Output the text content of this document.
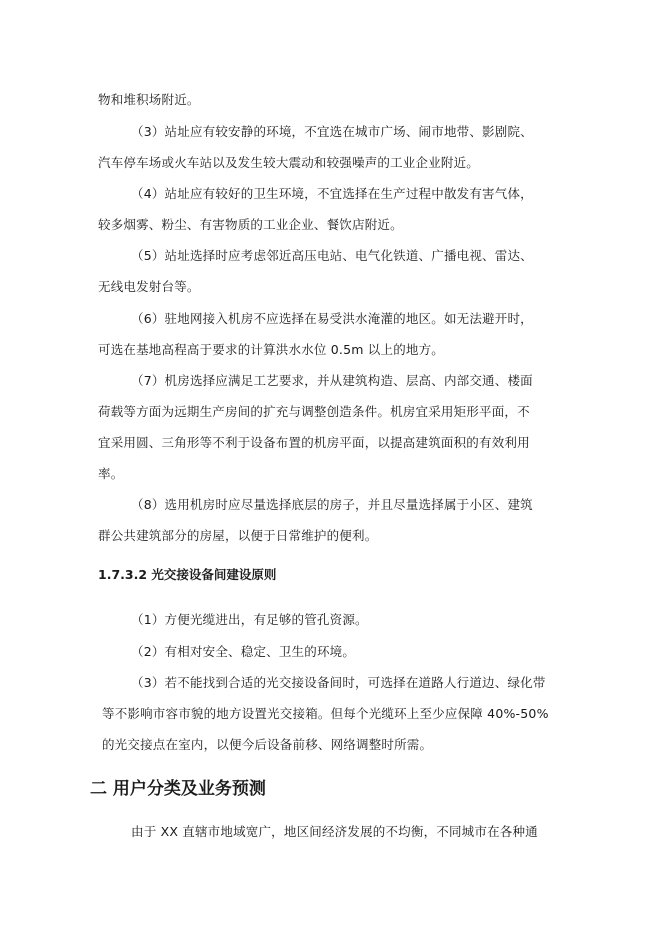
物和堆积场附近。
（3）站址应有较安静的环境，不宜选在城市广场、闹市地带、影剧院、
汽车停车场或火车站以及发生较大震动和较强噪声的工业企业附近。
（4）站址应有较好的卫生环境，不宜选择在生产过程中散发有害气体，
较多烟雾、粉尘、有害物质的工业企业、餐饮店附近。
（5）站址选择时应考虑邻近高压电站、电气化铁道、广播电视、雷达、
无线电发射台等。
（6）驻地网接入机房不应选择在易受洪水淹灌的地区。如无法避开时，
可选在基地高程高于要求的计算洪水水位 0.5m 以上的地方。
（7）机房选择应满足工艺要求，并从建筑构造、层高、内部交通、楼面
荷载等方面为远期生产房间的扩充与调整创造条件。机房宜采用矩形平面，不
宜采用圆、三角形等不利于设备布置的机房平面，以提高建筑面积的有效利用
率。
（8）选用机房时应尽量选择底层的房子，并且尽量选择属于小区、建筑
群公共建筑部分的房屋，以便于日常维护的便利。
1.7.3.2 光交接设备间建设原则
（1）方便光缆进出，有足够的管孔资源。
（2）有相对安全、稳定、卫生的环境。
（3）若不能找到合适的光交接设备间时，可选择在道路人行道边、绿化带
等不影响市容市貌的地方设置光交接箱。但每个光缆环上至少应保障 40%-50%
的光交接点在室内，以便今后设备前移、网络调整时所需。
二 用户分类及业务预测
由于 XX 直辖市地域宽广，地区间经济发展的不均衡，不同城市在各种通
